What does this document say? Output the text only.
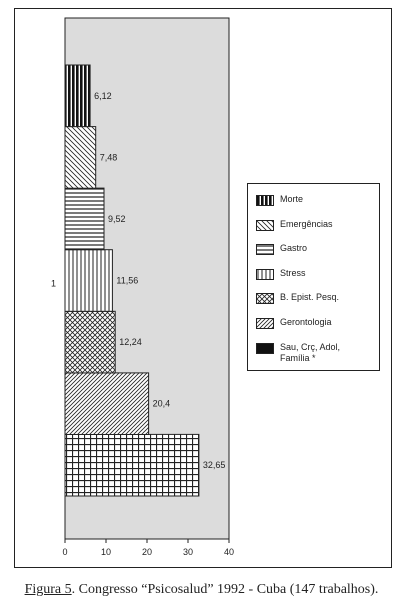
32,65
20,4
12,24
11,56
9,52
7,48
6,12
0	10	20	30	40
1
Morte
Emergências
Gastro
Stress
B. Epist. Pesq.
Gerontologia
Sau, Crç, Adol, Família *
Figura 5. Congresso “Psicosalud” 1992 - Cuba (147 trabalhos).
